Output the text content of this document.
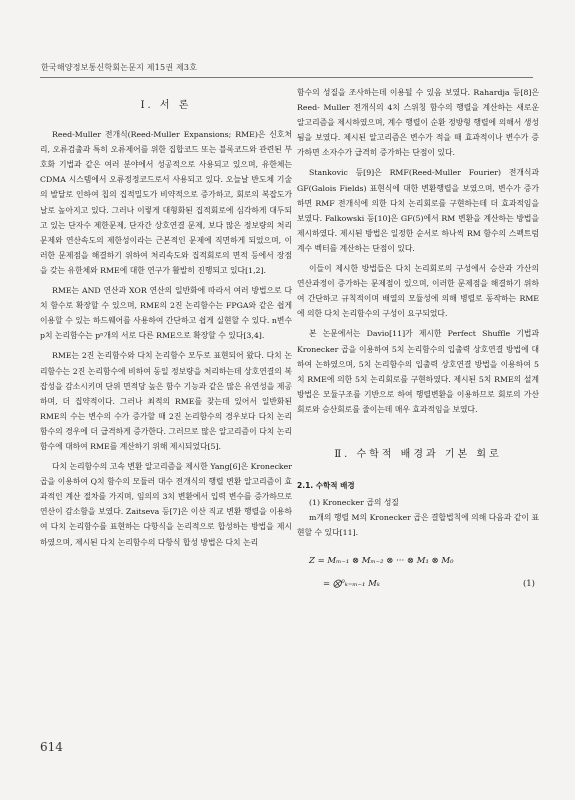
한국해양정보통신학회논문지 제15권 제3호
Ⅰ. 서 론

Reed-Muller 전개식(Reed-Muller Expansions; RME)은 신호처리, 오류검출과 특히 오류제어를 위한 집합코드 또는 블록코드와 관련된 부호화 기법과 같은 여러 분야에서 성공적으로 사용되고 있으며, 유한체는 CDMA 시스템에서 오류정정코드로서 사용되고 있다. 오늘날 반도체 기술의 발달로 인하여 칩의 집적밀도가 비약적으로 증가하고, 회로의 복잡도가 날로 높아지고 있다. 그러나 이렇게 대형화된 집적회로에 심각하게 대두되고 있는 단자수 제한문제, 단자간 상호연결 문제, 보다 많은 정보량의 처리문제와 연산속도의 제한성이라는 근본적인 문제에 직면하게 되었으며, 이러한 문제점을 해결하기 위하여 처리속도와 집적회로의 면적 등에서 장점을 갖는 유한체와 RME에 대한 연구가 활발히 진행되고 있다[1,2].

RME는 AND 연산과 XOR 연산의 일반화에 따라서 여러 방법으로 다치 함수로 확장할 수 있으며, RME의 2진 논리함수는 FPGA와 같은 쉽게 이용할 수 있는 하드웨어를 사용하여 간단하고 쉽게 실현할 수 있다. n변수 p치 논리함수는 pⁿ개의 서로 다른 RME으로 확장할 수 있다[3,4].

RME는 2진 논리함수와 다치 논리함수 모두로 표현되어 왔다. 다치 논리함수는 2진 논리함수에 비하여 동일 정보량을 처리하는데 상호연결의 복잡성을 감소시키며 단위 면적당 높은 함수 기능과 같은 많은 유연성을 제공하며, 더 집약적이다. 그러나 최적의 RME를 찾는데 있어서 일반화된 RME의 수는 변수의 수가 증가할 때 2진 논리함수의 경우보다 다치 논리함수의 경우에 더 급격하게 증가한다. 그러므로 많은 알고리즘이 다치 논리함수에 대하여 RME를 계산하기 위해 제시되었다[5].

다치 논리함수의 고속 변환 알고리즘을 제시한 Yang[6]은 Kronecker 곱을 이용하여 Q치 함수의 모듈러 대수 전개식의 행렬 변환 알고리즘이 효과적인 계산 절차를 가지며, 임의의 3치 변환에서 입력 변수를 증가하므로 연산이 감소함을 보였다. Zaitseva 등[7]은 이산 직교 변환 행렬을 이용하여 다치 논리함수를 표현하는 다항식을 논리적으로 합성하는 방법을 제시하였으며, 제시된 다치 논리함수의 다항식 합성 방법은 다치 논리

함수의 성질을 조사하는데 이용될 수 있음 보였다. Rahardja 등[8]은 Reed- Muller 전개식의 4치 스위칭 함수의 행렬을 계산하는 새로운 알고리즘을 제시하였으며, 계수 행렬이 순환 정방형 행렬에 의해서 생성됨을 보였다. 제시된 알고리즘은 변수가 적을 때 효과적이나 변수가 증가하면 소자수가 급격히 증가하는 단점이 있다.

Stankovic 등[9]은 RMF(Reed-Muller Fourier) 전개식과 GF(Galois Fields) 표현식에 대한 변환행렬을 보였으며, 변수가 증가하면 RMF 전개식에 의한 다치 논리회로를 구현하는데 더 효과적임을 보였다. Falkowski 등[10]은 GF(5)에서 RM 변환을 계산하는 방법을 제시하였다. 제시된 방법은 일정한 순서로 하나씩 RM 함수의 스펙트럼 계수 벡터를 계산하는 단점이 있다.

이들이 제시한 방법들은 다치 논리회로의 구성에서 승산과 가산의 연산과정이 증가하는 문제점이 있으며, 이러한 문제점을 해결하기 위하여 간단하고 규칙적이며 배열의 모듈성에 의해 병렬로 동작하는 RME에 의한 다치 논리함수의 구성이 요구되었다.

본 논문에서는 Davio[11]가 제시한 Perfect Shuffle 기법과 Kronecker 곱을 이용하여 5치 논리함수의 입출력 상호연결 방법에 대하여 논하였으며, 5치 논리함수의 입출력 상호연결 방법을 이용하여 5치 RME에 의한 5치 논리회로를 구현하였다. 제시된 5치 RME의 설계방법은 모듈구조를 기반으로 하여 행렬변환을 이용하므로 회로의 가산회로와 승산회로를 줄이는데 매우 효과적임을 보였다.

Ⅱ. 수학적 배경과 기본 회로
2.1. 수학적 배경
(1) Kronecker 곱의 성질

m개의 행렬 M의 Kronecker 곱은 결합법칙에 의해 다음과 같이 표현할 수 있다[11].

Z = Mₘ₋₁ ⊗ Mₘ₋₂ ⊗ ··· ⊗ M₁ ⊗ M₀
= ⨂⁰ₖ₌ₘ₋₁ Mₖ	(1)
614
